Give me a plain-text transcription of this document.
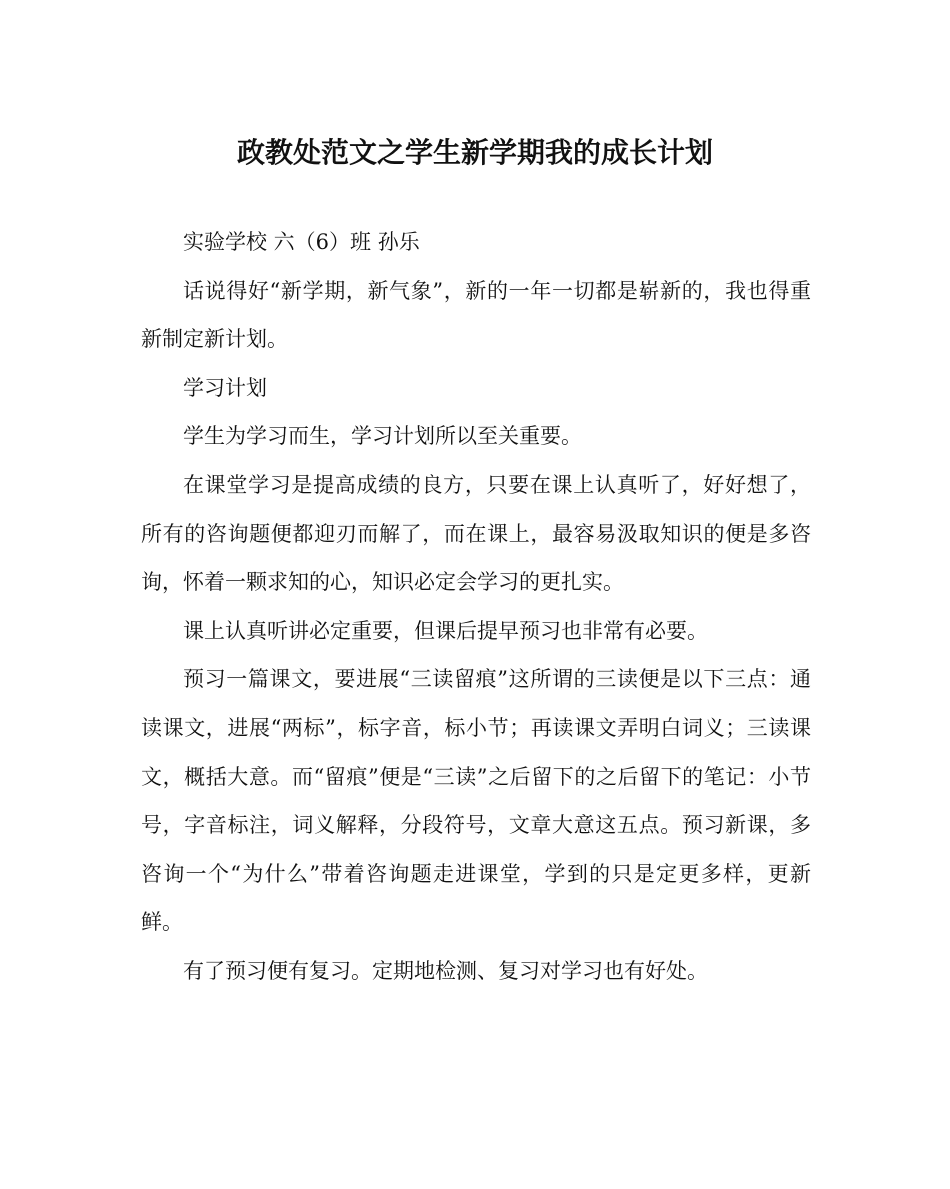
政教处范文之学生新学期我的成长计划

实验学校 六（6）班 孙乐

话说得好“新学期，新气象”，新的一年一切都是崭新的，我也得重新制定新计划。

学习计划

学生为学习而生，学习计划所以至关重要。

在课堂学习是提高成绩的良方，只要在课上认真听了，好好想了，所有的咨询题便都迎刃而解了，而在课上，最容易汲取知识的便是多咨询，怀着一颗求知的心，知识必定会学习的更扎实。

课上认真听讲必定重要，但课后提早预习也非常有必要。

预习一篇课文，要进展“三读留痕”这所谓的三读便是以下三点：通读课文，进展“两标”，标字音，标小节；再读课文弄明白词义；三读课文，概括大意。而“留痕”便是“三读”之后留下的之后留下的笔记：小节号，字音标注，词义解释，分段符号，文章大意这五点。预习新课，多咨询一个“为什么”带着咨询题走进课堂，学到的只是定更多样，更新鲜。

有了预习便有复习。定期地检测、复习对学习也有好处。
